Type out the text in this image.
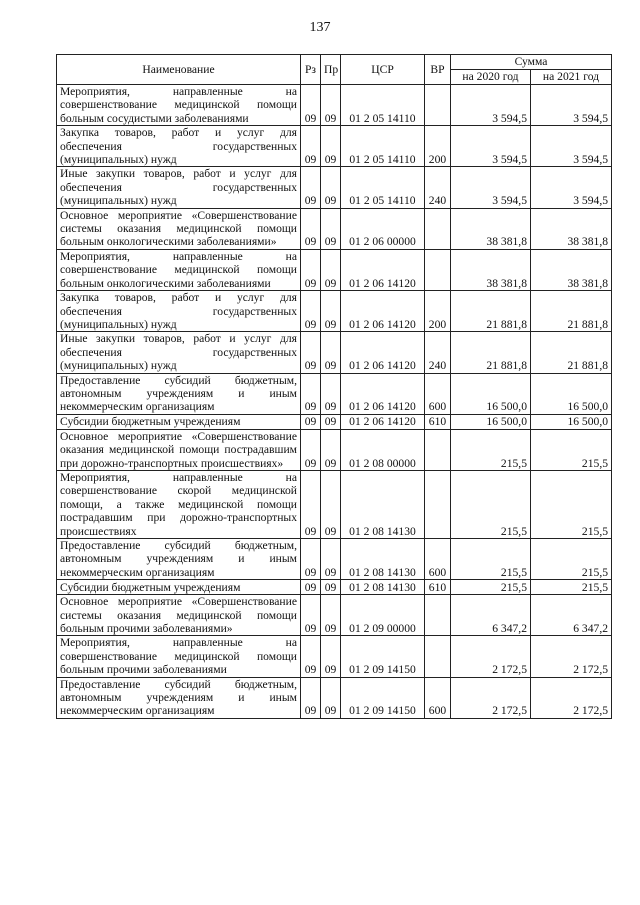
137
Наименование	Рз	Пр	ЦСР	ВР	Сумма	
					на 2020 год	на 2021 год
Мероприятия, направленные на совершенствование медицинской помощи больным сосудистыми заболеваниями	09	09	01 2 05 14110		3 594,5	3 594,5
Закупка товаров, работ и услуг для обеспечения государственных (муниципальных) нужд	09	09	01 2 05 14110	200	3 594,5	3 594,5
Иные закупки товаров, работ и услуг для обеспечения государственных (муниципальных) нужд	09	09	01 2 05 14110	240	3 594,5	3 594,5
Основное мероприятие «Совершенствование системы оказания медицинской помощи больным онкологическими заболеваниями»	09	09	01 2 06 00000		38 381,8	38 381,8
Мероприятия, направленные на совершенствование медицинской помощи больным онкологическими заболеваниями	09	09	01 2 06 14120		38 381,8	38 381,8
Закупка товаров, работ и услуг для обеспечения государственных (муниципальных) нужд	09	09	01 2 06 14120	200	21 881,8	21 881,8
Иные закупки товаров, работ и услуг для обеспечения государственных (муниципальных) нужд	09	09	01 2 06 14120	240	21 881,8	21 881,8
Предоставление субсидий бюджетным, автономным учреждениям и иным некоммерческим организациям	09	09	01 2 06 14120	600	16 500,0	16 500,0
Субсидии бюджетным учреждениям	09	09	01 2 06 14120	610	16 500,0	16 500,0
Основное мероприятие «Совершенствование оказания медицинской помощи пострадавшим при дорожно-транспортных происшествиях»	09	09	01 2 08 00000		215,5	215,5
Мероприятия, направленные на совершенствование скорой медицинской помощи, а также медицинской помощи пострадавшим при дорожно-транспортных происшествиях	09	09	01 2 08 14130		215,5	215,5
Предоставление субсидий бюджетным, автономным учреждениям и иным некоммерческим организациям	09	09	01 2 08 14130	600	215,5	215,5
Субсидии бюджетным учреждениям	09	09	01 2 08 14130	610	215,5	215,5
Основное мероприятие «Совершенствование системы оказания медицинской помощи больным прочими заболеваниями»	09	09	01 2 09 00000		6 347,2	6 347,2
Мероприятия, направленные на совершенствование медицинской помощи больным прочими заболеваниями	09	09	01 2 09 14150		2 172,5	2 172,5
Предоставление субсидий бюджетным, автономным учреждениям и иным некоммерческим организациям	09	09	01 2 09 14150	600	2 172,5	2 172,5
